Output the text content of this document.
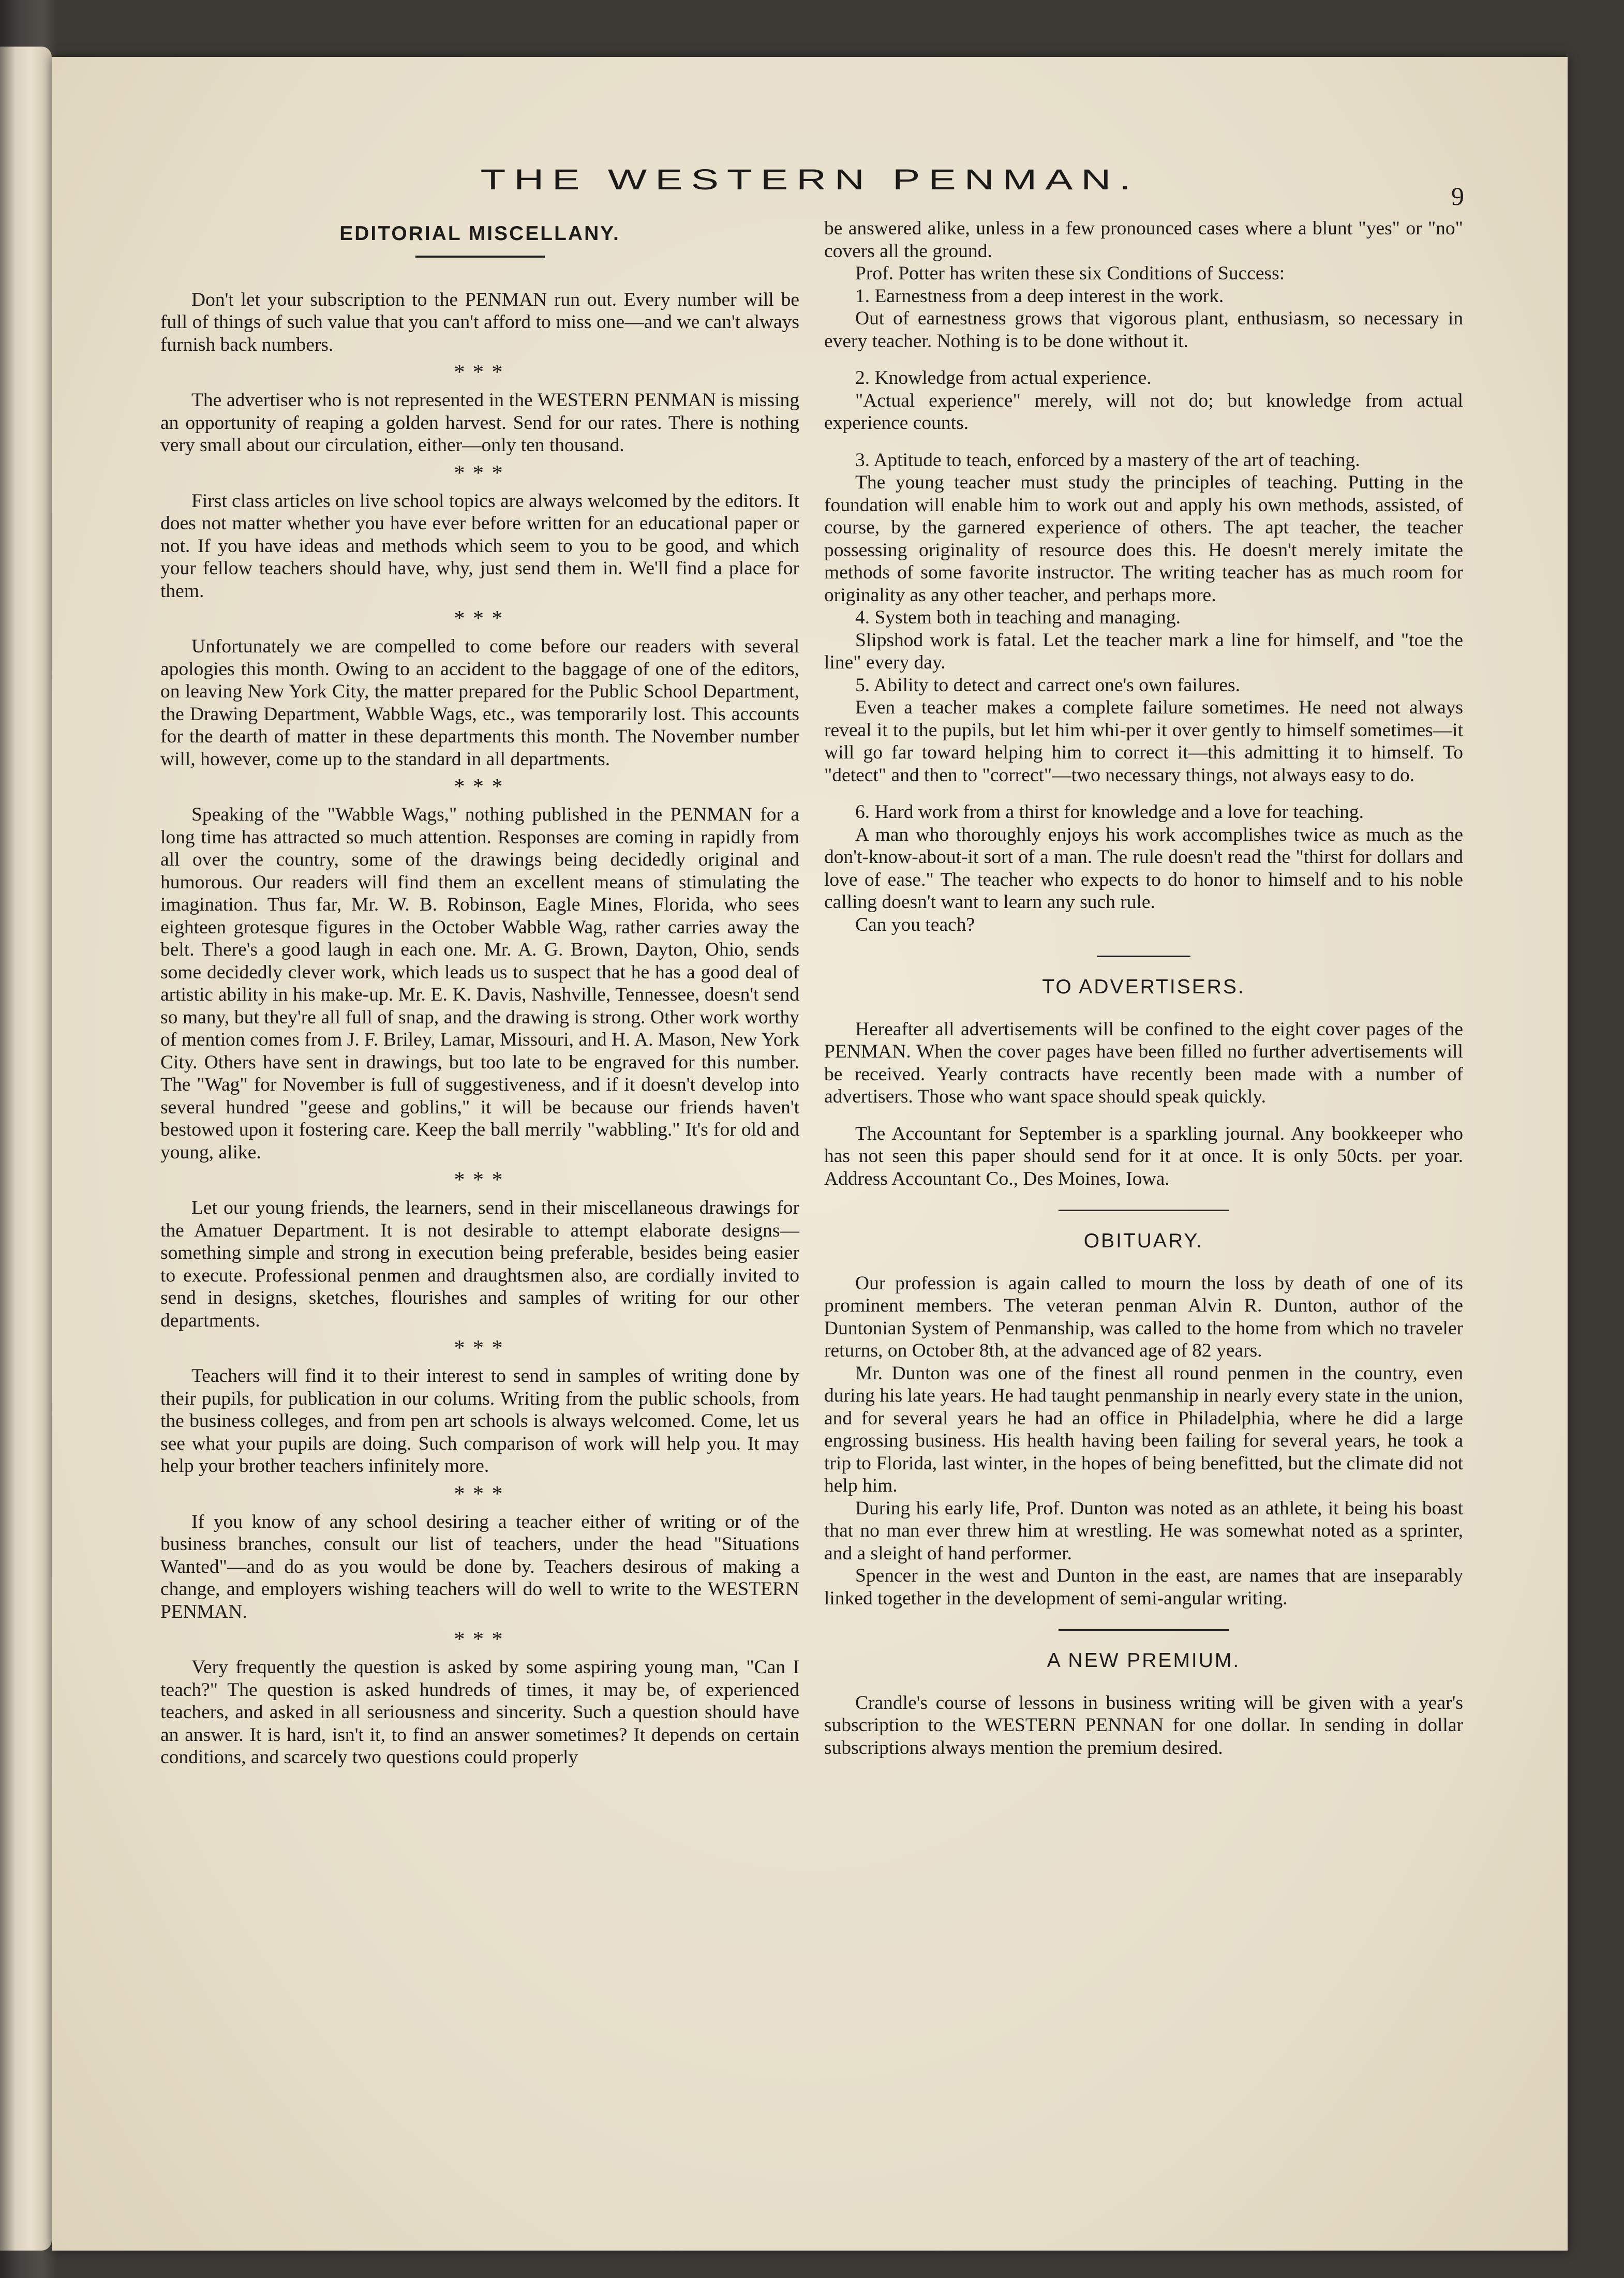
THE WESTERN PENMAN.
9
EDITORIAL MISCELLANY.

Don't let your subscription to the PENMAN run out. Every number will be full of things of such value that you can't afford to miss one—and we can't always furnish back numbers.

* * *

The advertiser who is not represented in the WESTERN PENMAN is missing an opportunity of reaping a golden harvest. Send for our rates. There is nothing very small about our circulation, either—only ten thousand.

* * *

First class articles on live school topics are always welcomed by the editors. It does not matter whether you have ever before written for an educational paper or not. If you have ideas and methods which seem to you to be good, and which your fellow teachers should have, why, just send them in. We'll find a place for them.

* * *

Unfortunately we are compelled to come before our readers with several apologies this month. Owing to an accident to the baggage of one of the editors, on leaving New York City, the matter prepared for the Public School Department, the Drawing Department, Wabble Wags, etc., was temporarily lost. This accounts for the dearth of matter in these departments this month. The November number will, however, come up to the standard in all departments.

* * *

Speaking of the "Wabble Wags," nothing published in the PENMAN for a long time has attracted so much attention. Responses are coming in rapidly from all over the country, some of the drawings being decidedly original and humorous. Our readers will find them an excellent means of stimulating the imagination. Thus far, Mr. W. B. Robinson, Eagle Mines, Florida, who sees eighteen grotesque figures in the October Wabble Wag, rather carries away the belt. There's a good laugh in each one. Mr. A. G. Brown, Dayton, Ohio, sends some decidedly clever work, which leads us to suspect that he has a good deal of artistic ability in his make-up. Mr. E. K. Davis, Nashville, Tennessee, doesn't send so many, but they're all full of snap, and the drawing is strong. Other work worthy of mention comes from J. F. Briley, Lamar, Missouri, and H. A. Mason, New York City. Others have sent in drawings, but too late to be engraved for this number. The "Wag" for November is full of suggestiveness, and if it doesn't develop into several hundred "geese and goblins," it will be because our friends haven't bestowed upon it fostering care. Keep the ball merrily "wabbling." It's for old and young, alike.

* * *

Let our young friends, the learners, send in their miscellaneous drawings for the Amatuer Department. It is not desirable to attempt elaborate designs—something simple and strong in execution being preferable, besides being easier to execute. Professional penmen and draughtsmen also, are cordially invited to send in designs, sketches, flourishes and samples of writing for our other departments.

* * *

Teachers will find it to their interest to send in samples of writing done by their pupils, for publication in our colums. Writing from the public schools, from the business colleges, and from pen art schools is always welcomed. Come, let us see what your pupils are doing. Such comparison of work will help you. It may help your brother teachers infinitely more.

* * *

If you know of any school desiring a teacher either of writing or of the business branches, consult our list of teachers, under the head "Situations Wanted"—and do as you would be done by. Teachers desirous of making a change, and employers wishing teachers will do well to write to the WESTERN PENMAN.

* * *

Very frequently the question is asked by some aspiring young man, "Can I teach?" The question is asked hundreds of times, it may be, of experienced teachers, and asked in all seriousness and sincerity. Such a question should have an answer. It is hard, isn't it, to find an answer sometimes? It depends on certain conditions, and scarcely two questions could properly

be answered alike, unless in a few pronounced cases where a blunt "yes" or "no" covers all the ground.

Prof. Potter has writen these six Conditions of Success:

1. Earnestness from a deep interest in the work.

Out of earnestness grows that vigorous plant, enthusiasm, so necessary in every teacher. Nothing is to be done without it.

2. Knowledge from actual experience.

"Actual experience" merely, will not do; but knowledge from actual experience counts.

3. Aptitude to teach, enforced by a mastery of the art of teaching.

The young teacher must study the principles of teaching. Putting in the foundation will enable him to work out and apply his own methods, assisted, of course, by the garnered experience of others. The apt teacher, the teacher possessing originality of resource does this. He doesn't merely imitate the methods of some favorite instructor. The writing teacher has as much room for originality as any other teacher, and perhaps more.

4. System both in teaching and managing.

Slipshod work is fatal. Let the teacher mark a line for himself, and "toe the line" every day.

5. Ability to detect and carrect one's own failures.

Even a teacher makes a complete failure sometimes. He need not always reveal it to the pupils, but let him whi-per it over gently to himself sometimes—it will go far toward helping him to correct it—this admitting it to himself. To "detect" and then to "correct"—two necessary things, not always easy to do.

6. Hard work from a thirst for knowledge and a love for teaching.

A man who thoroughly enjoys his work accomplishes twice as much as the don't-know-about-it sort of a man. The rule doesn't read the "thirst for dollars and love of ease." The teacher who expects to do honor to himself and to his noble calling doesn't want to learn any such rule.

Can you teach?

TO ADVERTISERS.

Hereafter all advertisements will be confined to the eight cover pages of the PENMAN. When the cover pages have been filled no further advertisements will be received. Yearly contracts have recently been made with a number of advertisers. Those who want space should speak quickly.

The Accountant for September is a sparkling journal. Any bookkeeper who has not seen this paper should send for it at once. It is only 50cts. per yoar. Address Accountant Co., Des Moines, Iowa.

OBITUARY.

Our profession is again called to mourn the loss by death of one of its prominent members. The veteran penman Alvin R. Dunton, author of the Duntonian System of Penmanship, was called to the home from which no traveler returns, on October 8th, at the advanced age of 82 years.

Mr. Dunton was one of the finest all round penmen in the country, even during his late years. He had taught penmanship in nearly every state in the union, and for several years he had an office in Philadelphia, where he did a large engrossing business. His health having been failing for several years, he took a trip to Florida, last winter, in the hopes of being benefitted, but the climate did not help him.

During his early life, Prof. Dunton was noted as an athlete, it being his boast that no man ever threw him at wrestling. He was somewhat noted as a sprinter, and a sleight of hand performer.

Spencer in the west and Dunton in the east, are names that are inseparably linked together in the development of semi-angular writing.

A NEW PREMIUM.

Crandle's course of lessons in business writing will be given with a year's subscription to the WESTERN PENNAN for one dollar. In sending in dollar subscriptions always mention the premium desired.
